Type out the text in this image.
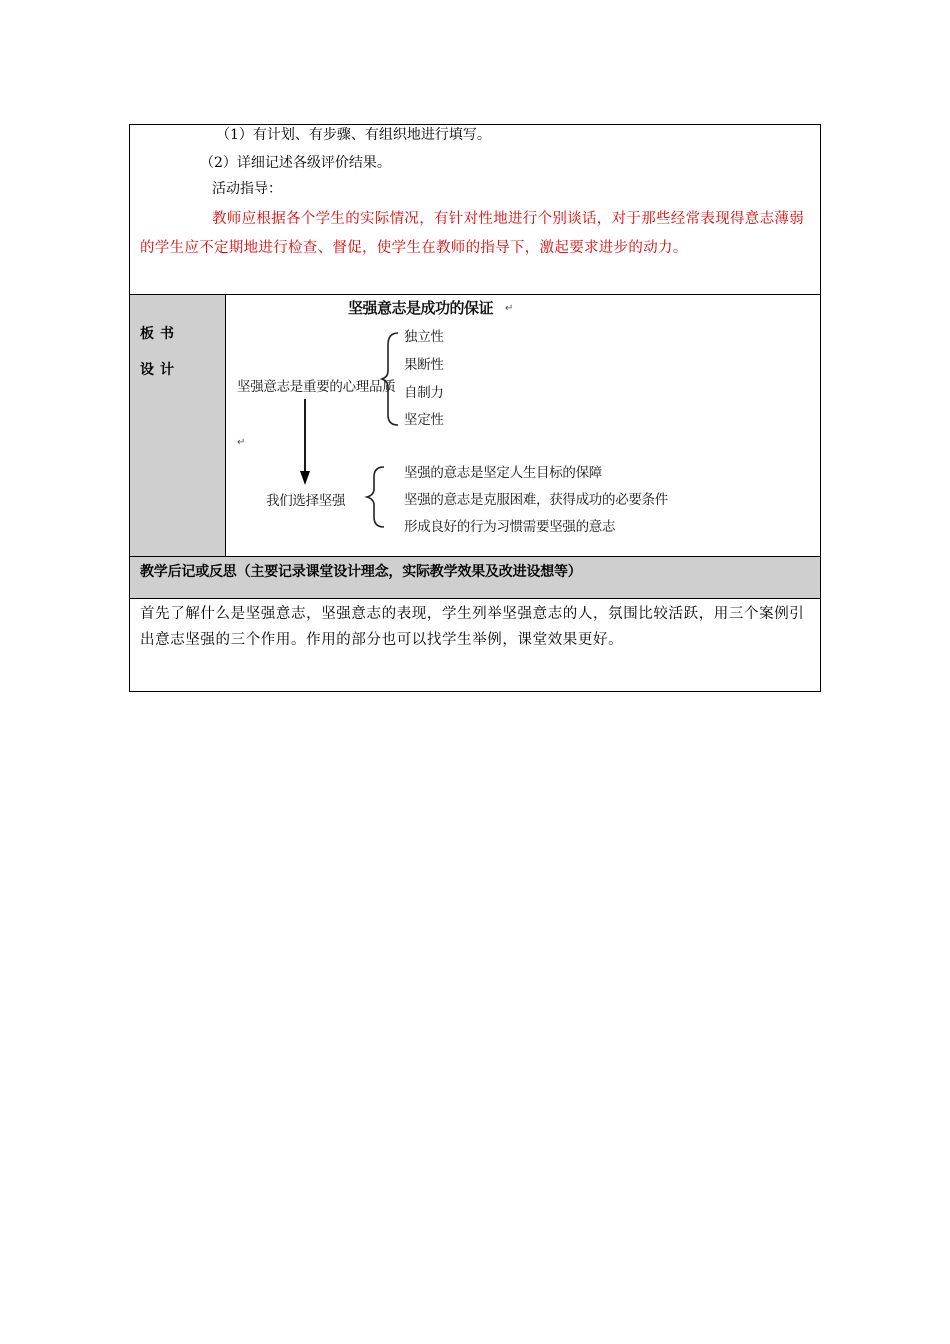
（1）有计划、有步骤、有组织地进行填写。
（2）详细记述各级评价结果。
活动指导：
教师应根据各个学生的实际情况，有针对性地进行个别谈话，对于那些经常表现得意志薄弱的学生应不定期地进行检查、督促，使学生在教师的指导下，激起要求进步的动力。
板书
设计
坚强意志是成功的保证 ↵
坚强意志是重要的心理品质
独立性
果断性
自制力
坚定性
↵
我们选择坚强
坚强的意志是坚定人生目标的保障
坚强的意志是克服困难，获得成功的必要条件
形成良好的行为习惯需要坚强的意志
教学后记或反思（主要记录课堂设计理念，实际教学效果及改进设想等）
首先了解什么是坚强意志，坚强意志的表现，学生列举坚强意志的人，氛围比较活跃，用三个案例引出意志坚强的三个作用。作用的部分也可以找学生举例，课堂效果更好。
